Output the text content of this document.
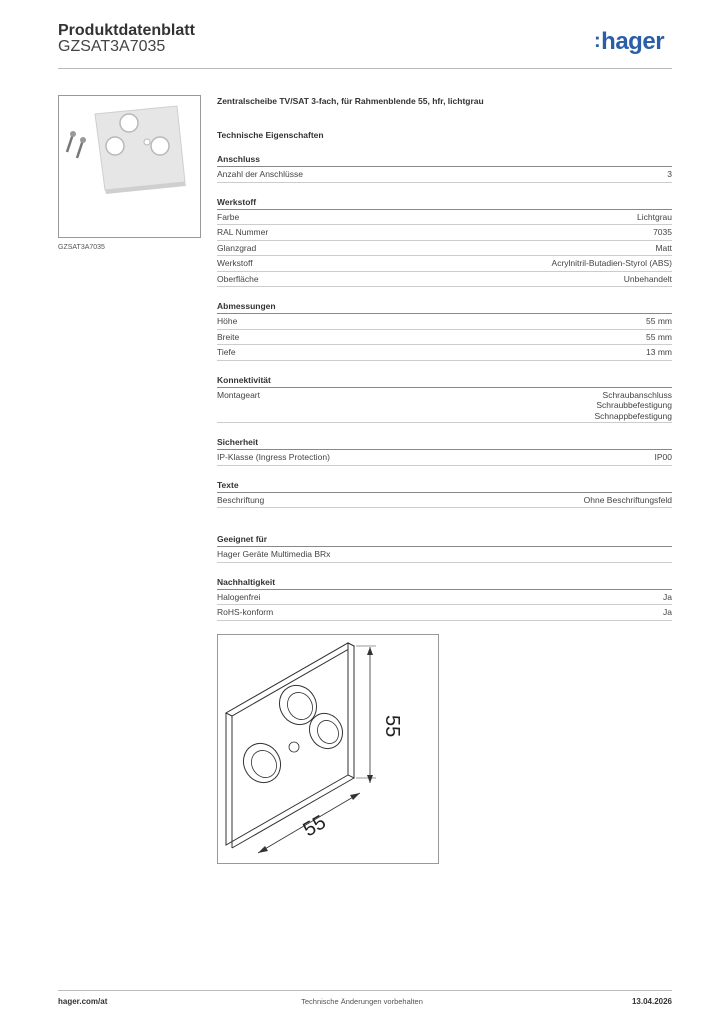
Produktdatenblatt
GZSAT3A7035	:hager
GZSAT3A7035
Zentralscheibe TV/SAT 3-fach, für Rahmenblende 55, hfr, lichtgrau
Technische Eigenschaften
Anschluss
Anzahl der Anschlüsse	3
Werkstoff
Farbe	Lichtgrau
RAL Nummer	7035
Glanzgrad	Matt
Werkstoff	Acrylnitril-Butadien-Styrol (ABS)
Oberfläche	Unbehandelt
Abmessungen
Höhe	55 mm
Breite	55 mm
Tiefe	13 mm
Konnektivität
Montageart	Schraubanschluss
Schraubbefestigung
Schnappbefestigung
Sicherheit
IP-Klasse (Ingress Protection)	IP00
Texte
Beschriftung	Ohne Beschriftungsfeld
Geeignet für
Hager Geräte Multimedia BRx
Nachhaltigkeit
Halogenfrei	Ja
RoHS-konform	Ja
55
55
hager.com/at	Technische Änderungen vorbehalten	13.04.2026
